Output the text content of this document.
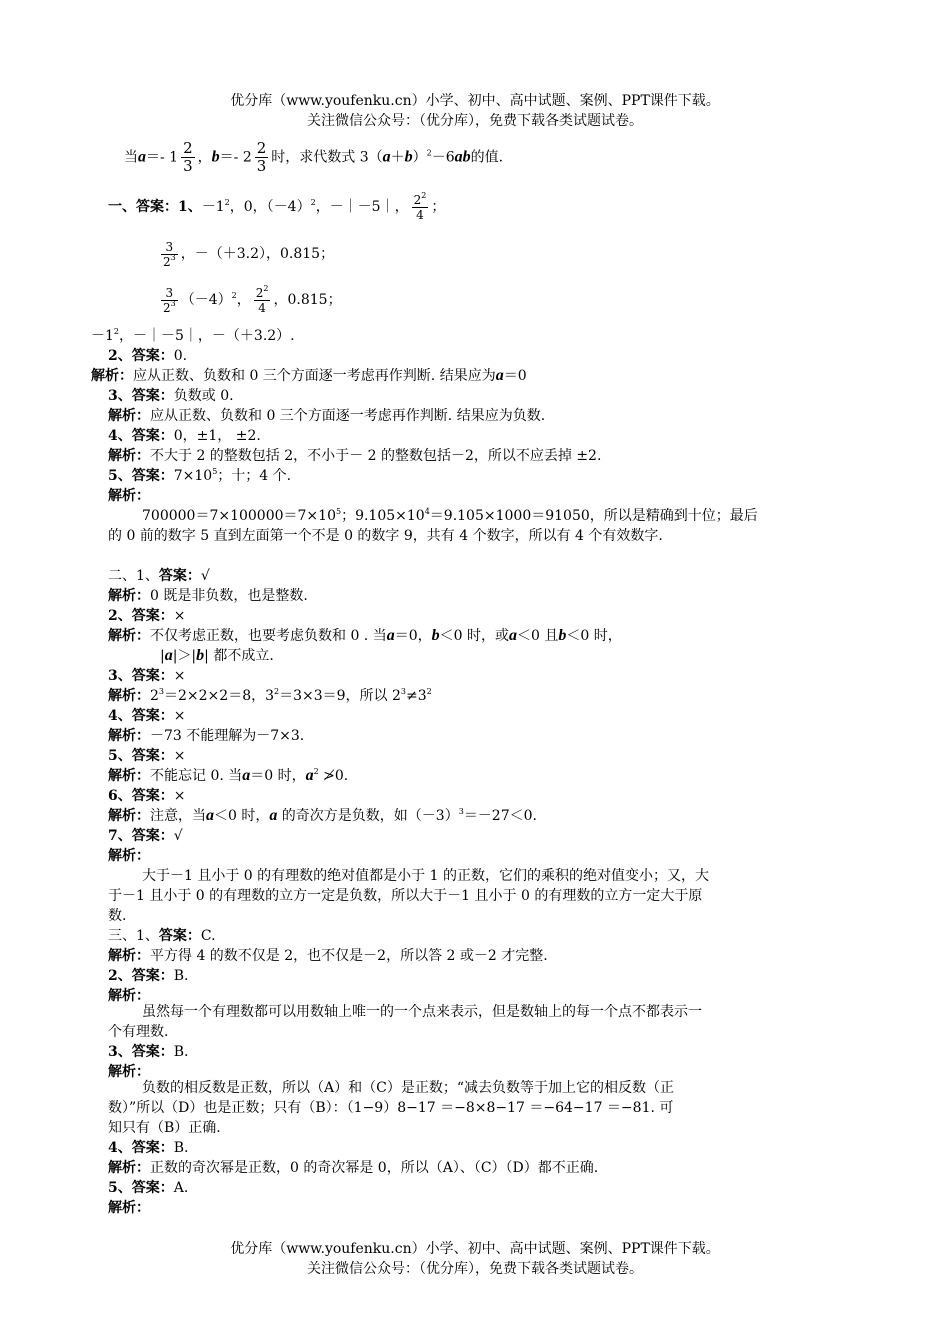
优分库（www.youfenku.cn）小学、初中、高中试题、案例、PPT课件下载。
关注微信公众号：（优分库），免费下载各类试题试卷。
当a＝- $1 \frac{2}{3}$ ，b＝- $2 \frac{2}{3}$ 时，求代数式 $3(a+b)^2-6ab$的值.
一、答案：1、$-1^2$，0，$(-4)^2$，－｜－5｜， $\frac{2^2}{4}$ ；
$\frac{3}{2^3}$ ，－（＋3.2），0.815；
$\frac{3}{2^3} (-4)^2$， $\frac{2^2}{4}$ ，0.815；
$-1^2$，－｜－5｜，－（＋3.2）.
2、答案：0.
解析：应从正数、负数和 0 三个方面逐一考虑再作判断. 结果应为a＝0
3、答案：负数或 0.
解析：应从正数、负数和 0 三个方面逐一考虑再作判断. 结果应为负数.
4、答案：0，±1， ±2.
解析：不大于 2 的整数包括 2，不小于－ 2 的整数包括－2，所以不应丢掉 ±2.
5、答案：$7\times 10^5$；十；4 个.
解析：
$700000=7\times 100000=7\times 10^5$；$9.105\times 10^4=9.105\times 1000=91050$，所以是精确到十位；最后
的 0 前的数字 5 直到左面第一个不是 0 的数字 9，共有 4 个数字，所以有 4 个有效数字.
二、1、答案：√
解析：0 既是非负数，也是整数.
2、答案：×
解析：不仅考虑正数，也要考虑负数和 0 . 当a＝0，b＜0 时，或a＜0 且b＜0 时，
|a|＞|b| 都不成立.
3、答案：×
解析：$2^3=2\times 2\times 2=8$，$3^2=3\times 3=9$，所以 $2^3\ne 3^2$
4、答案：×
解析：－73 不能理解为－7×3.
5、答案：×
解析：不能忘记 0. 当a＝0 时，$a^2$ ≯0.
6、答案：×
解析：注意，当a＜0 时，a 的奇次方是负数，如$(-3)^3=-27<0$.
7、答案：√
解析：
大于－1 且小于 0 的有理数的绝对值都是小于 1 的正数，它们的乘积的绝对值变小；又，大
于－1 且小于 0 的有理数的立方一定是负数，所以大于－1 且小于 0 的有理数的立方一定大于原
数.
三、1、答案：C.
解析：平方得 4 的数不仅是 2，也不仅是－2，所以答 2 或－2 才完整.
2、答案：B.
解析：
虽然每一个有理数都可以用数轴上唯一的一个点来表示，但是数轴上的每一个点不都表示一
个有理数.
3、答案：B.
解析：
负数的相反数是正数，所以（A）和（C）是正数；“减去负数等于加上它的相反数（正
数）”所以（D）也是正数；只有（B）：（1−9）8−17 ＝−8×8−17 ＝−64−17 ＝−81. 可
知只有（B）正确.
4、答案：B.
解析：正数的奇次幂是正数，0 的奇次幂是 0，所以（A）、（C）（D）都不正确.
5、答案：A.
解析：
优分库（www.youfenku.cn）小学、初中、高中试题、案例、PPT课件下载。
关注微信公众号：（优分库），免费下载各类试题试卷。
